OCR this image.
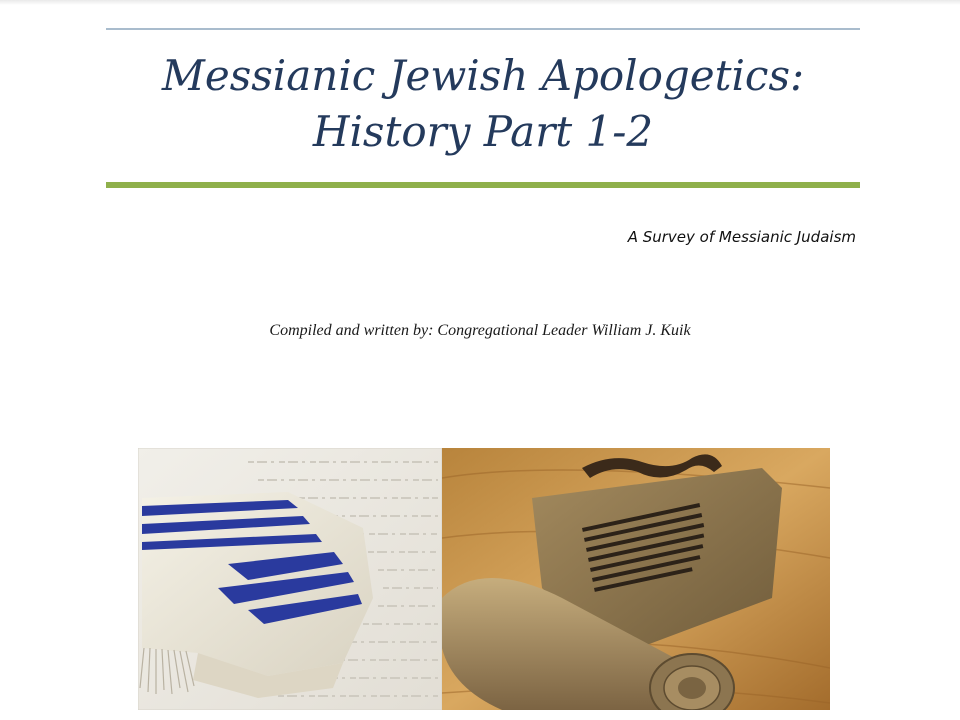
Messianic Jewish Apologetics:
History Part 1-2
A Survey of Messianic Judaism
Compiled and written by: Congregational Leader William J. Kuik
